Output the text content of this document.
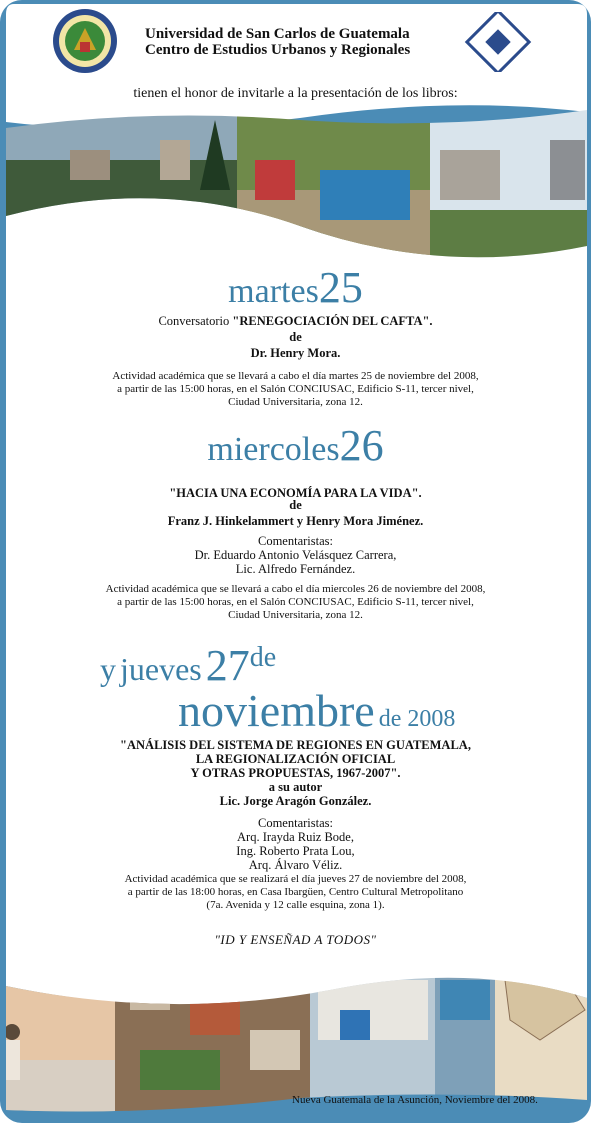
Universidad de San Carlos de Guatemala
Centro de Estudios Urbanos y Regionales
tienen el honor de invitarle a la presentación de los libros:
martes25
Conversatorio "RENEGOCIACIÓN DEL CAFTA".
de
Dr. Henry Mora.
Actividad académica que se llevará a cabo el día martes 25 de noviembre del 2008,
a partir de las 15:00 horas, en el Salón CONCIUSAC, Edificio S-11, tercer nivel,
Ciudad Universitaria, zona 12.
miercoles26
"HACIA UNA ECONOMÍA PARA LA VIDA".
de
Franz J. Hinkelammert y Henry Mora Jiménez.
Comentaristas:
Dr. Eduardo Antonio Velásquez Carrera,
Lic. Alfredo Fernández.
Actividad académica que se llevará a cabo el día miercoles 26 de noviembre del 2008,
a partir de las 15:00 horas, en el Salón CONCIUSAC, Edificio S-11, tercer nivel,
Ciudad Universitaria, zona 12.
y jueves 27de
noviembre de 2008
"ANÁLISIS DEL SISTEMA DE REGIONES EN GUATEMALA,
LA REGIONALIZACIÓN OFICIAL
Y OTRAS PROPUESTAS, 1967-2007".
a su autor
Lic. Jorge Aragón González.
Comentaristas:
Arq. Irayda Ruiz Bode,
Ing. Roberto Prata Lou,
Arq. Álvaro Véliz.
Actividad académica que se realizará el día jueves 27 de noviembre del 2008,
a partir de las 18:00 horas, en Casa Ibargüen, Centro Cultural Metropolitano
(7a. Avenida y 12 calle esquina, zona 1).
"ID Y ENSEÑAD A TODOS"
Nueva Guatemala de la Asunción, Noviembre del 2008.
